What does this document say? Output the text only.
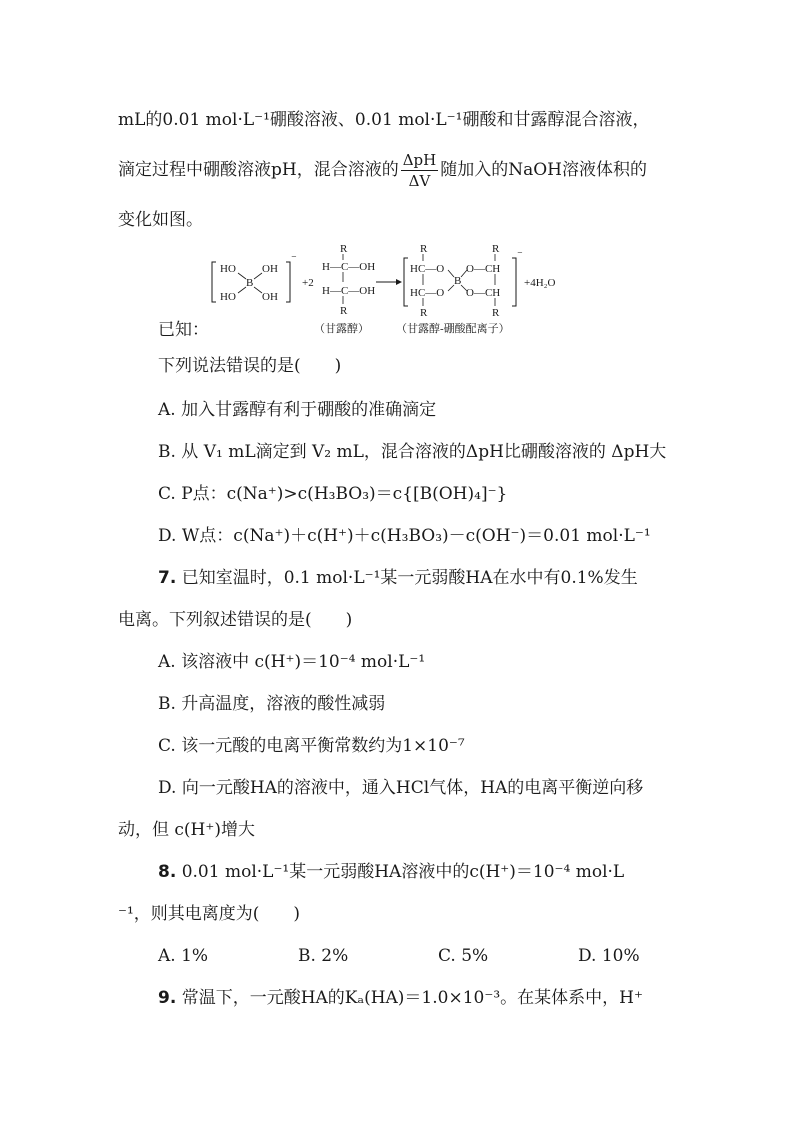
mL的0.01 mol·L⁻¹硼酸溶液、0.01 mol·L⁻¹硼酸和甘露醇混合溶液，
滴定过程中硼酸溶液pH，混合溶液的 $\frac{\text{ΔpH}}{\Delta V}$ 随加入的NaOH溶液体积的
变化如图。
HO OH
B
HO OH
⁻
+2
R
H—C—OH
H—C—OH
R
（甘露醇）
R	R
HC—O O—CH
B
HC—O O—CH
R	R
⁻
+4H₂O
（甘露醇-硼酸配离子）
已知：
下列说法错误的是(　　)
A. 加入甘露醇有利于硼酸的准确滴定
B. 从 V₁ mL滴定到 V₂ mL，混合溶液的ΔpH比硼酸溶液的 ΔpH大
C. P点：c(Na⁺)>c(H₃BO₃)＝c{[B(OH)₄]⁻}
D. W点：c(Na⁺)＋c(H⁺)＋c(H₃BO₃)－c(OH⁻)＝0.01 mol·L⁻¹
7. 已知室温时，0.1 mol·L⁻¹某一元弱酸HA在水中有0.1%发生
电离。下列叙述错误的是(　　)
A. 该溶液中 c(H⁺)＝10⁻⁴ mol·L⁻¹
B. 升高温度，溶液的酸性减弱
C. 该一元酸的电离平衡常数约为1×10⁻⁷
D. 向一元酸HA的溶液中，通入HCl气体，HA的电离平衡逆向移
动，但 c(H⁺)增大
8. 0.01 mol·L⁻¹某一元弱酸HA溶液中的c(H⁺)＝10⁻⁴ mol·L
⁻¹，则其电离度为(　　)
A. 1%	B. 2%	C. 5%	D. 10%
9. 常温下，一元酸HA的Kₐ(HA)＝1.0×10⁻³。在某体系中，H⁺
